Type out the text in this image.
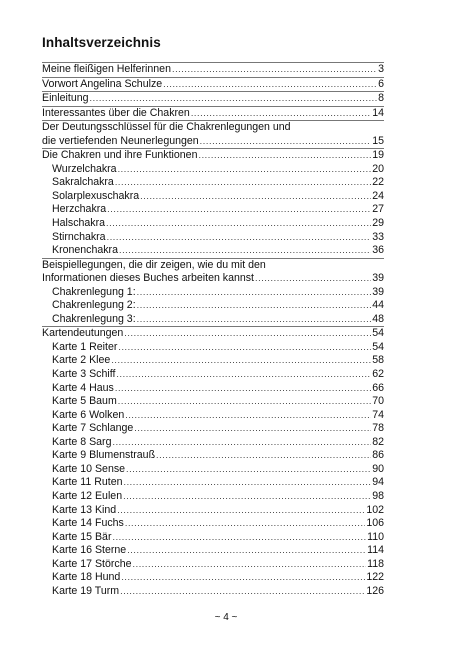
Inhaltsverzeichnis
Meine fleißigen Helferinnen .....	3
Vorwort Angelina Schulze .....	6
Einleitung .....	8
Interessantes über die Chakren .....	14
Der Deutungsschlüssel für die Chakrenlegungen und
die vertiefenden Neunerlegungen .....	15
Die Chakren und ihre Funktionen .....	19
Wurzelchakra .....	20
Sakralchakra .....	22
Solarplexuschakra .....	24
Herzchakra .....	27
Halschakra .....	29
Stirnchakra .....	33
Kronenchakra .....	36
Beispiellegungen, die dir zeigen, wie du mit den
Informationen dieses Buches arbeiten kannst .....	39
Chakrenlegung 1: .....	39
Chakrenlegung 2: .....	44
Chakrenlegung 3: .....	48
Kartendeutungen .....	54
Karte 1 Reiter .....	54
Karte 2 Klee .....	58
Karte 3 Schiff .....	62
Karte 4 Haus .....	66
Karte 5 Baum .....	70
Karte 6 Wolken .....	74
Karte 7 Schlange .....	78
Karte 8 Sarg .....	82
Karte 9 Blumenstrauß .....	86
Karte 10 Sense .....	90
Karte 11 Ruten .....	94
Karte 12 Eulen .....	98
Karte 13 Kind .....	102
Karte 14 Fuchs .....	106
Karte 15 Bär .....	110
Karte 16 Sterne .....	114
Karte 17 Störche .....	118
Karte 18 Hund .....	122
Karte 19 Turm .....	126
~ 4 ~
